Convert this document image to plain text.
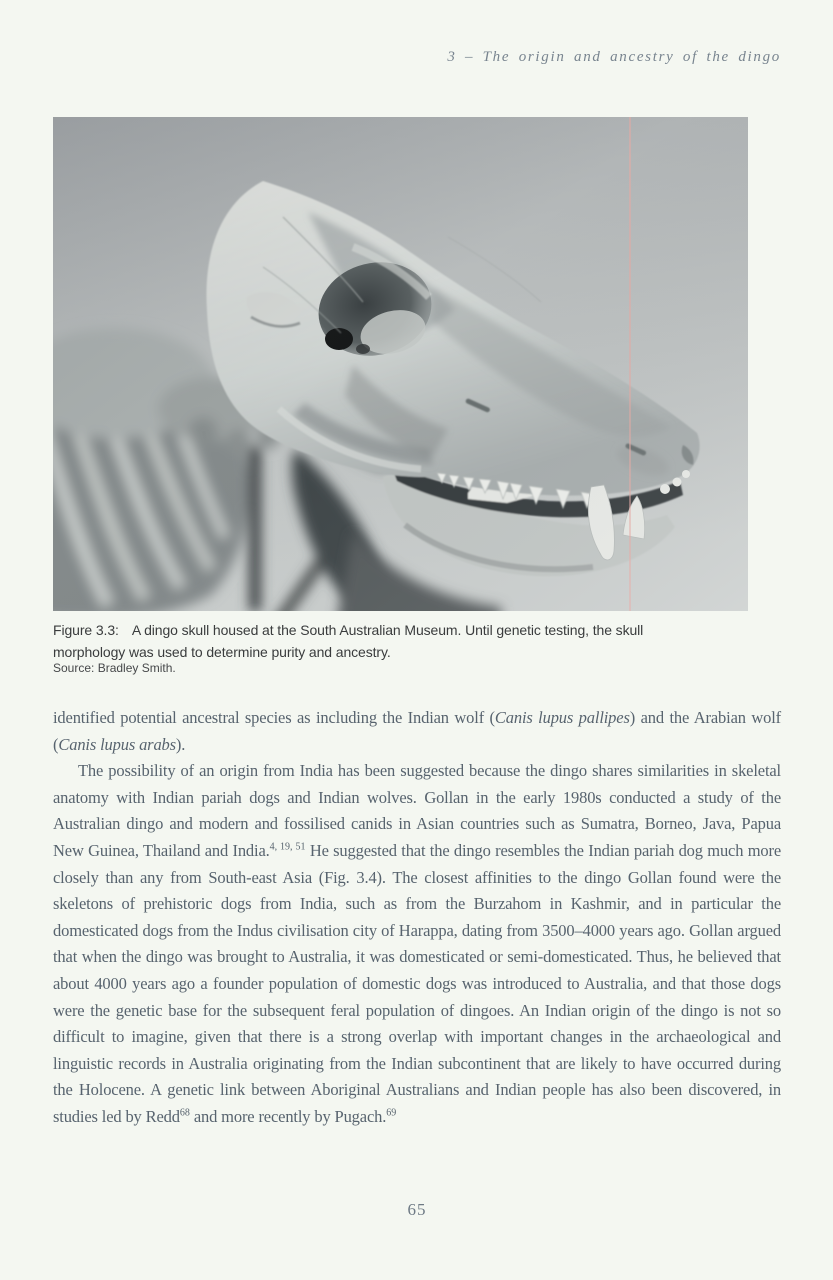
3 – The origin and ancestry of the dingo
Figure 3.3: A dingo skull housed at the South Australian Museum. Until genetic testing, the skull morphology was used to determine purity and ancestry.
Source: Bradley Smith.

identified potential ancestral species as including the Indian wolf (Canis lupus pallipes) and the Arabian wolf (Canis lupus arabs).

The possibility of an origin from India has been suggested because the dingo shares similarities in skeletal anatomy with Indian pariah dogs and Indian wolves. Gollan in the early 1980s conducted a study of the Australian dingo and modern and fossilised canids in Asian countries such as Sumatra, Borneo, Java, Papua New Guinea, Thailand and India.$^{4, 19, 51}$ He suggested that the dingo resembles the Indian pariah dog much more closely than any from South-east Asia (Fig. 3.4). The closest affinities to the dingo Gollan found were the skeletons of prehistoric dogs from India, such as from the Burzahom in Kashmir, and in particular the domesticated dogs from the Indus civilisation city of Harappa, dating from 3500–4000 years ago. Gollan argued that when the dingo was brought to Australia, it was domesticated or semi-domesticated. Thus, he believed that about 4000 years ago a founder population of domestic dogs was introduced to Australia, and that those dogs were the genetic base for the subsequent feral population of dingoes. An Indian origin of the dingo is not so difficult to imagine, given that there is a strong overlap with important changes in the archaeological and linguistic records in Australia originating from the Indian subcontinent that are likely to have occurred during the Holocene. A genetic link between Aboriginal Australians and Indian people has also been discovered, in studies led by Redd$^{68}$ and more recently by Pugach.$^{69}$

65
